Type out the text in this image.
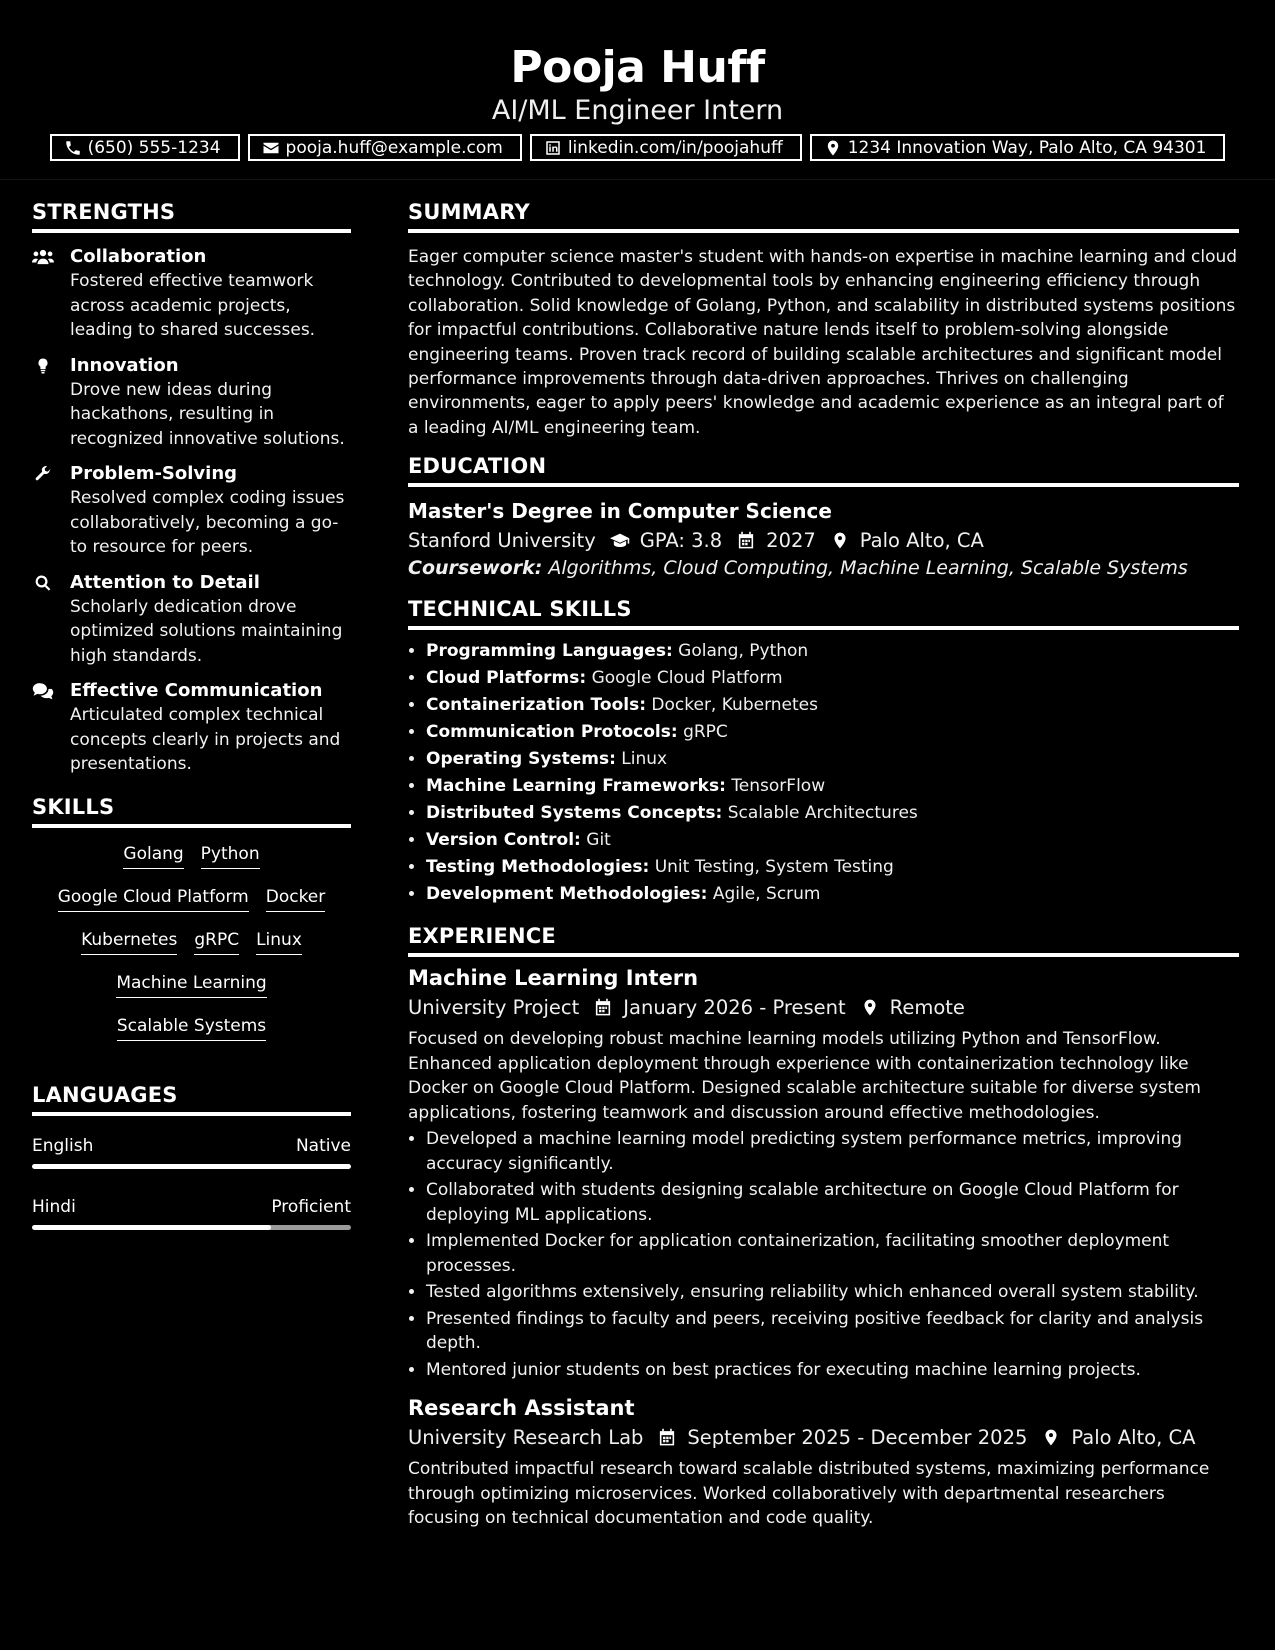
Pooja Huff
AI/ML Engineer Intern
(650) 555-1234	pooja.huff@example.com	linkedin.com/in/poojahuff	1234 Innovation Way, Palo Alto, CA 94301
STRENGTHS
Collaboration
Fostered effective teamwork across academic projects, leading to shared successes.
Innovation
Drove new ideas during hackathons, resulting in recognized innovative solutions.
Problem-Solving
Resolved complex coding issues collaboratively, becoming a go-to resource for peers.
Attention to Detail
Scholarly dedication drove optimized solutions maintaining high standards.
Effective Communication
Articulated complex technical concepts clearly in projects and presentations.
SKILLS
Golang Python
Google Cloud Platform Docker
Kubernetes gRPC Linux
Machine Learning
Scalable Systems
LANGUAGES
English	Native
Hindi	Proficient
SUMMARY

Eager computer science master's student with hands-on expertise in machine learning and cloud technology. Contributed to developmental tools by enhancing engineering efficiency through collaboration. Solid knowledge of Golang, Python, and scalability in distributed systems positions for impactful contributions. Collaborative nature lends itself to problem-solving alongside engineering teams. Proven track record of building scalable architectures and significant model performance improvements through data-driven approaches. Thrives on challenging environments, eager to apply peers' knowledge and academic experience as an integral part of a leading AI/ML engineering team.

EDUCATION
Master's Degree in Computer Science
Stanford University GPA: 3.8 2027 Palo Alto, CA
Coursework: Algorithms, Cloud Computing, Machine Learning, Scalable Systems
TECHNICAL SKILLS
• Programming Languages: Golang, Python
• Cloud Platforms: Google Cloud Platform
• Containerization Tools: Docker, Kubernetes
• Communication Protocols: gRPC
• Operating Systems: Linux
• Machine Learning Frameworks: TensorFlow
• Distributed Systems Concepts: Scalable Architectures
• Version Control: Git
• Testing Methodologies: Unit Testing, System Testing
• Development Methodologies: Agile, Scrum
EXPERIENCE
Machine Learning Intern
University Project January 2026 - Present Remote
Focused on developing robust machine learning models utilizing Python and TensorFlow. Enhanced application deployment through experience with containerization technology like Docker on Google Cloud Platform. Designed scalable architecture suitable for diverse system applications, fostering teamwork and discussion around effective methodologies.
• Developed a machine learning model predicting system performance metrics, improving accuracy significantly.
• Collaborated with students designing scalable architecture on Google Cloud Platform for deploying ML applications.
• Implemented Docker for application containerization, facilitating smoother deployment processes.
• Tested algorithms extensively, ensuring reliability which enhanced overall system stability.
• Presented findings to faculty and peers, receiving positive feedback for clarity and analysis depth.
• Mentored junior students on best practices for executing machine learning projects.
Research Assistant
University Research Lab September 2025 - December 2025 Palo Alto, CA
Contributed impactful research toward scalable distributed systems, maximizing performance through optimizing microservices. Worked collaboratively with departmental researchers focusing on technical documentation and code quality.
